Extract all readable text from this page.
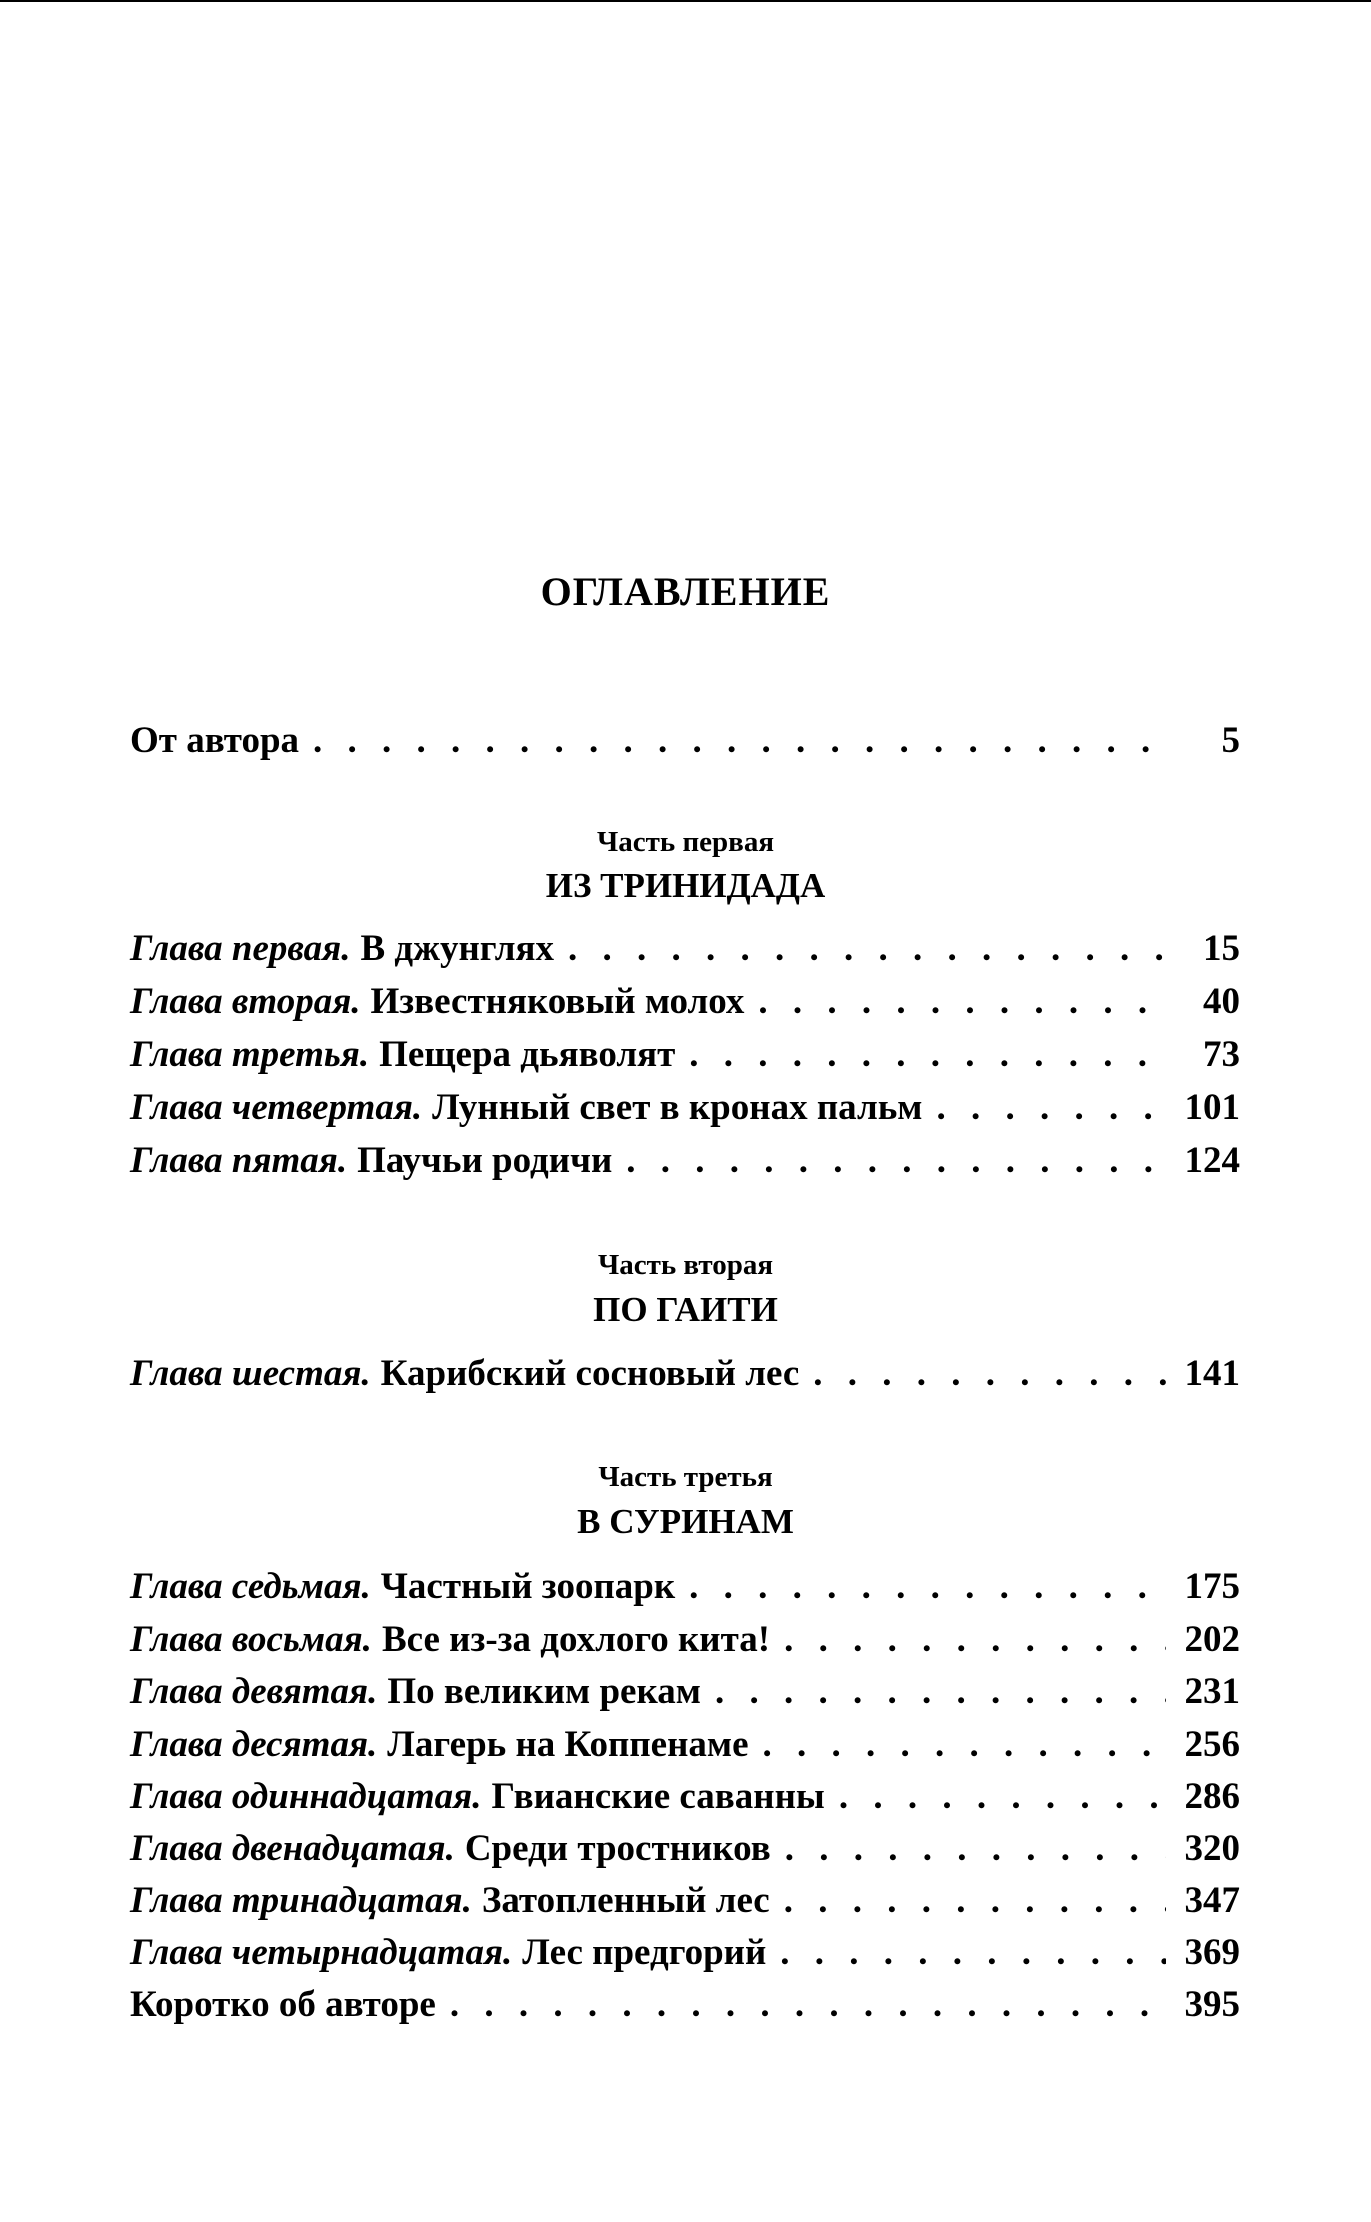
ОГЛАВЛЕНИЕ
От автора . . .	5
Часть первая
ИЗ ТРИНИДАДА
Глава первая. В джунглях . . .	15
Глава вторая. Известняковый молох . . .	40
Глава третья. Пещера дьяволят . . .	73
Глава четвертая. Лунный свет в кронах пальм . . .	101
Глава пятая. Паучьи родичи . . .	124
Часть вторая
ПО ГАИТИ
Глава шестая. Карибский сосновый лес . . .	141
Часть третья
В СУРИНАМ
Глава седьмая. Частный зоопарк . . .	175
Глава восьмая. Все из-за дохлого кита! . . .	202
Глава девятая. По великим рекам . . .	231
Глава десятая. Лагерь на Коппенаме . . .	256
Глава одиннадцатая. Гвианские саванны . . .	286
Глава двенадцатая. Среди тростников . . .	320
Глава тринадцатая. Затопленный лес . . .	347
Глава четырнадцатая. Лес предгорий . . .	369
Коротко об авторе . . .	395
